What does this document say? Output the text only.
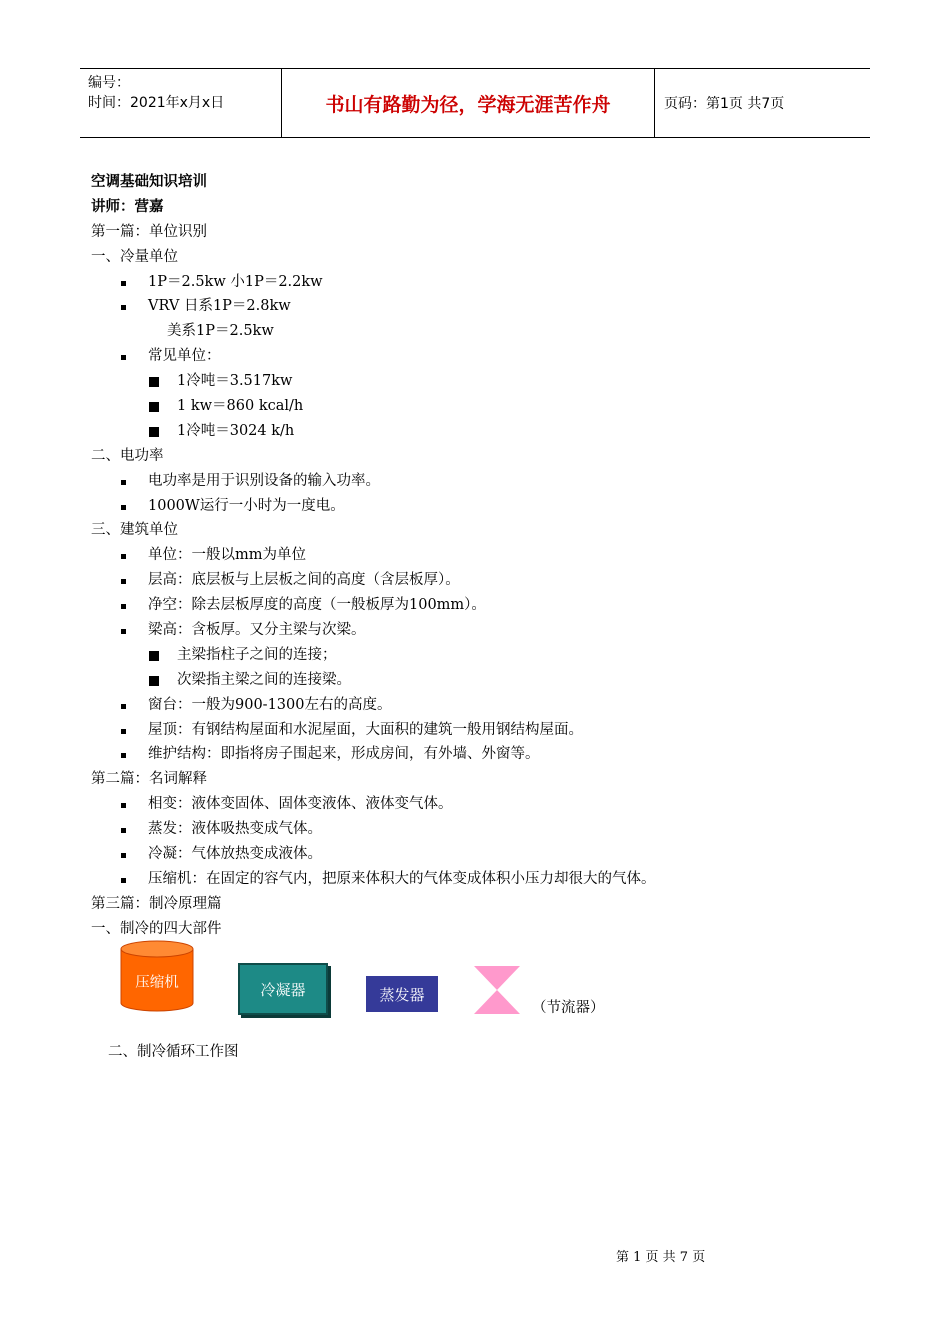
编号：
时间：2021年x月x日	书山有路勤为径，学海无涯苦作舟	页码：第1页 共7页
空调基础知识培训
讲师：营嘉
第一篇：单位识别
一、冷量单位
1P＝2.5kw 小1P＝2.2kw
VRV 日系1P＝2.8kw
美系1P＝2.5kw
常见单位：
1冷吨＝3.517kw
1 kw＝860 kcal/h
1冷吨＝3024 k/h
二、电功率
电功率是用于识别设备的输入功率。
1000W运行一小时为一度电。
三、建筑单位
单位：一般以mm为单位
层高：底层板与上层板之间的高度（含层板厚）。
净空：除去层板厚度的高度（一般板厚为100mm）。
梁高：含板厚。又分主梁与次梁。
主梁指柱子之间的连接；
次梁指主梁之间的连接梁。
窗台：一般为900-1300左右的高度。
屋顶：有钢结构屋面和水泥屋面，大面积的建筑一般用钢结构屋面。
维护结构：即指将房子围起来，形成房间，有外墙、外窗等。
第二篇：名词解释
相变：液体变固体、固体变液体、液体变气体。
蒸发：液体吸热变成气体。
冷凝：气体放热变成液体。
压缩机：在固定的容气内，把原来体积大的气体变成体积小压力却很大的气体。
第三篇：制冷原理篇
一、制冷的四大部件
压缩机	冷凝器	蒸发器
（节流器）
二、制冷循环工作图
第 1 页 共 7 页
